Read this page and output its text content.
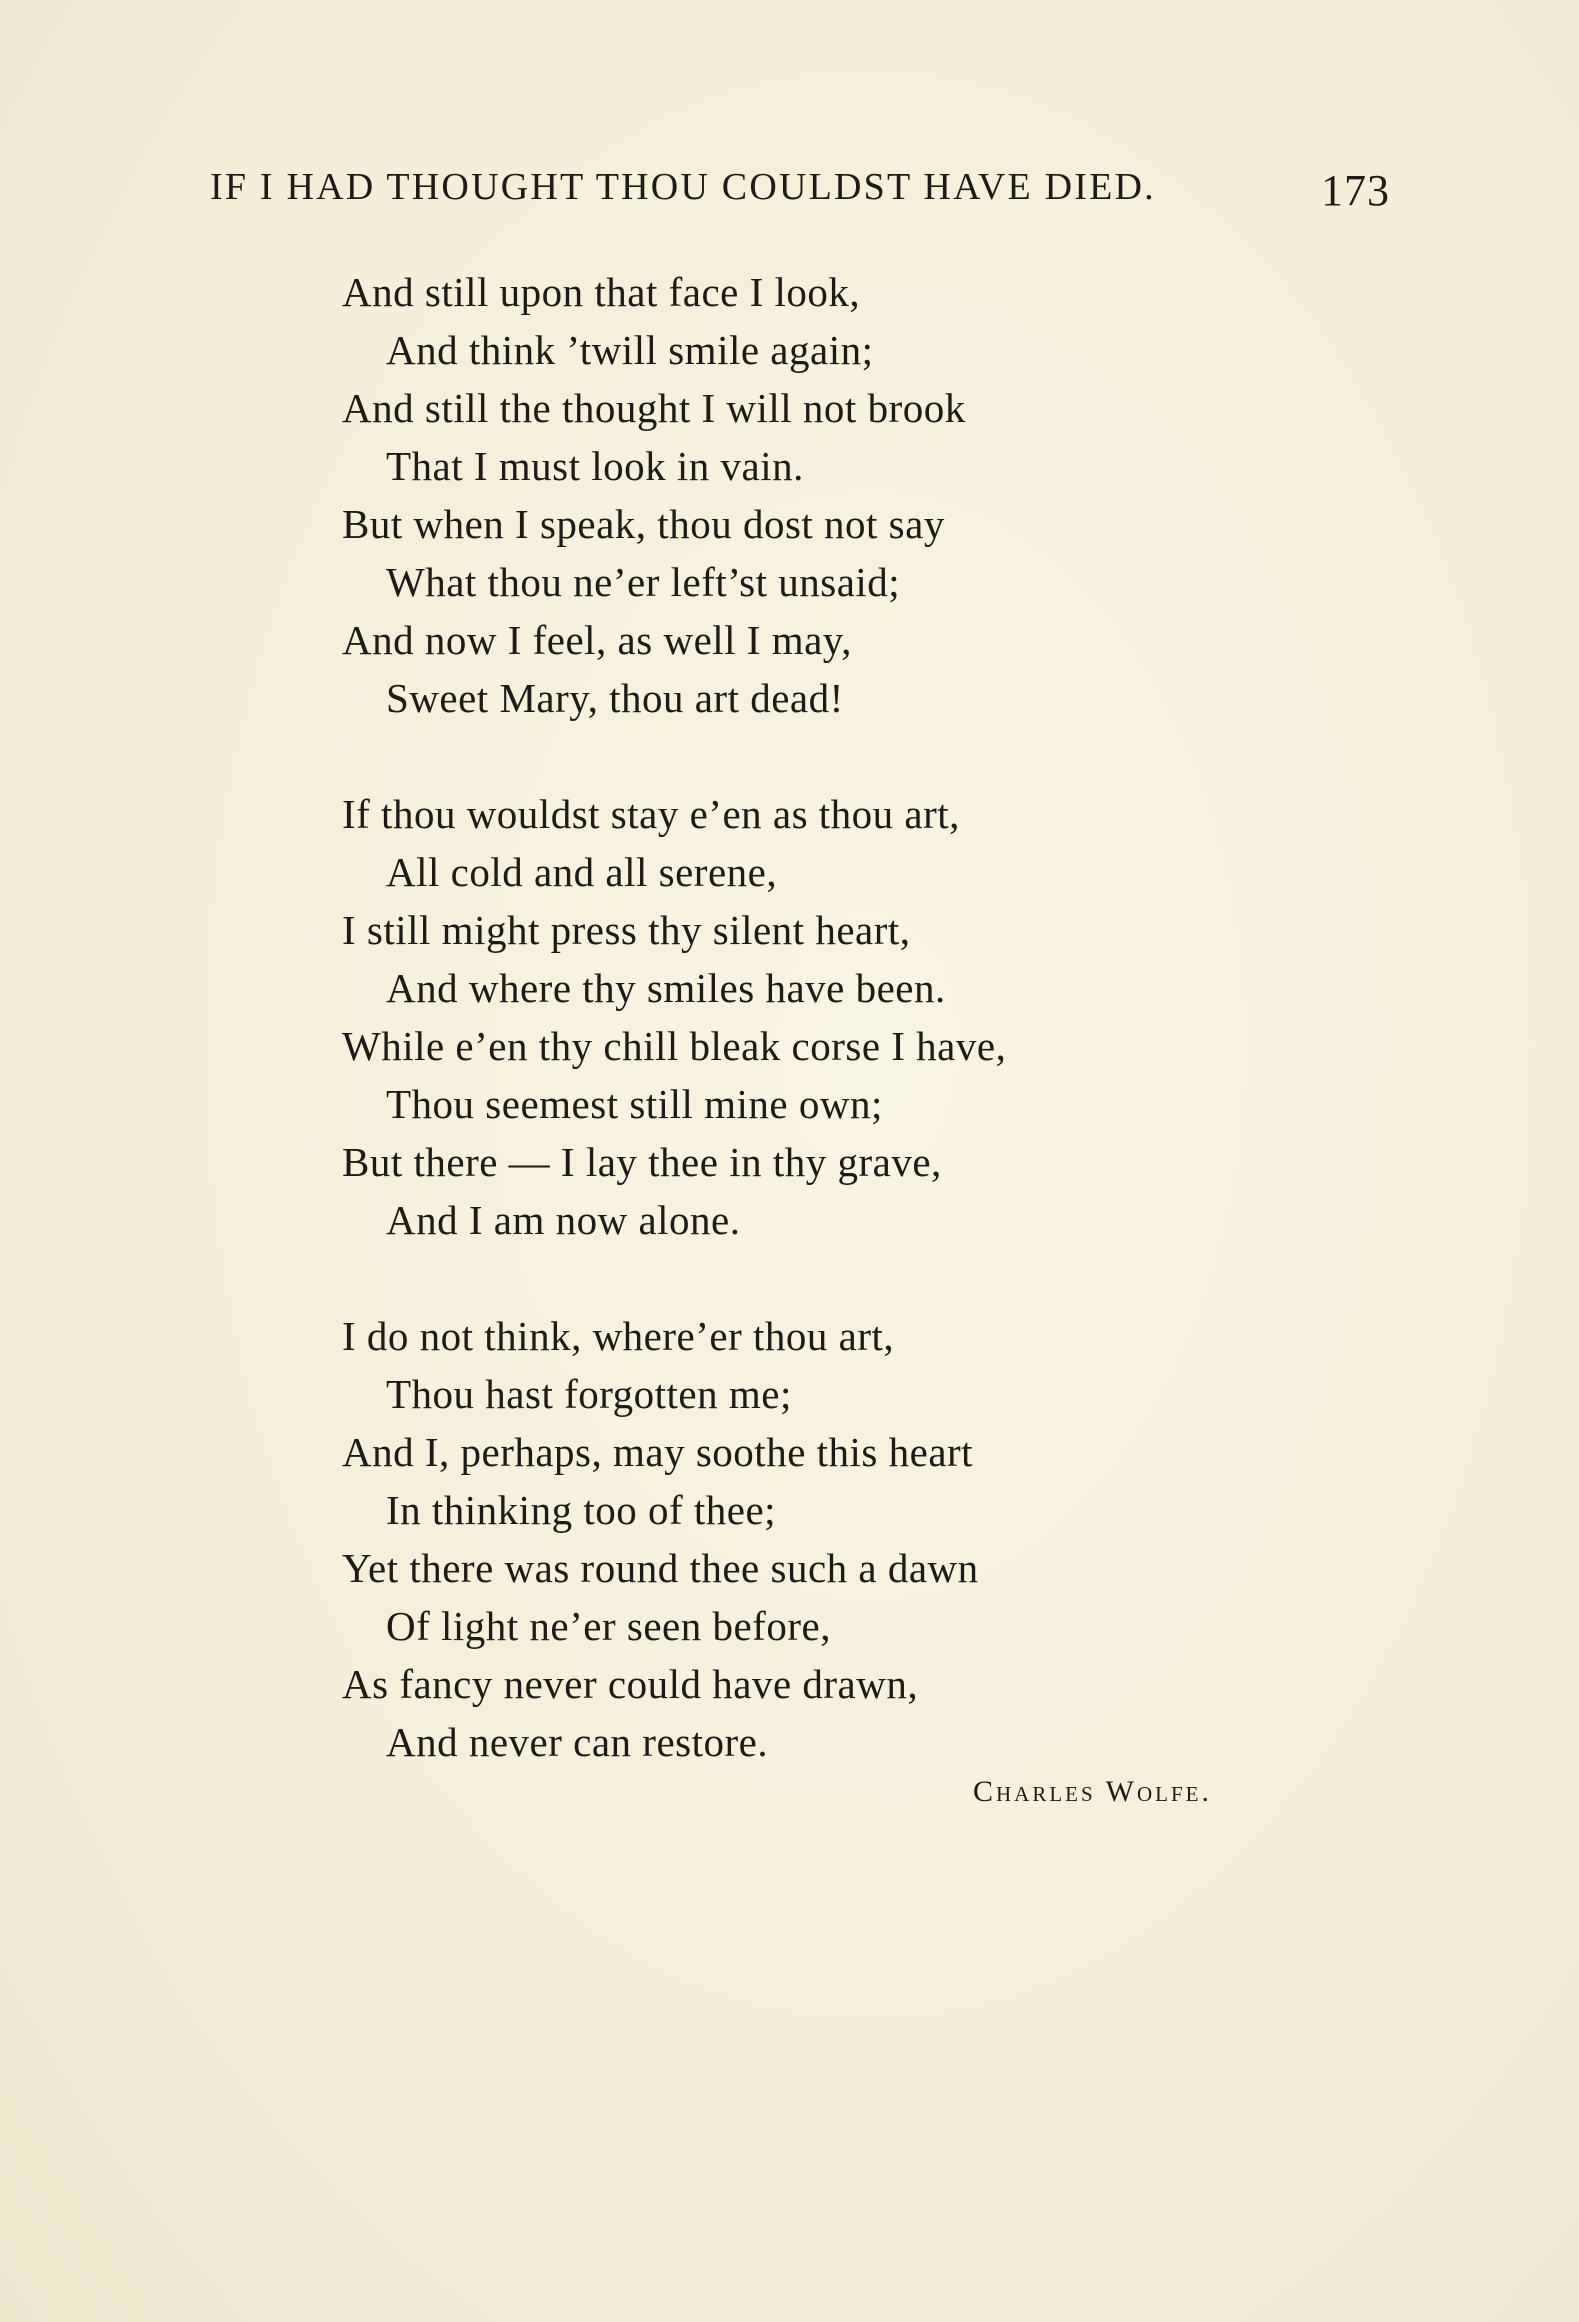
IF I HAD THOUGHT THOU COULDST HAVE DIED.	173
And still upon that face I look,
And think ’twill smile again;
And still the thought I will not brook
That I must look in vain.
But when I speak, thou dost not say
What thou ne’er left’st unsaid;
And now I feel, as well I may,
Sweet Mary, thou art dead!
If thou wouldst stay e’en as thou art,
All cold and all serene,
I still might press thy silent heart,
And where thy smiles have been.
While e’en thy chill bleak corse I have,
Thou seemest still mine own;
But there — I lay thee in thy grave,
And I am now alone.
I do not think, where’er thou art,
Thou hast forgotten me;
And I, perhaps, may soothe this heart
In thinking too of thee;
Yet there was round thee such a dawn
Of light ne’er seen before,
As fancy never could have drawn,
And never can restore.
Charles Wolfe.
